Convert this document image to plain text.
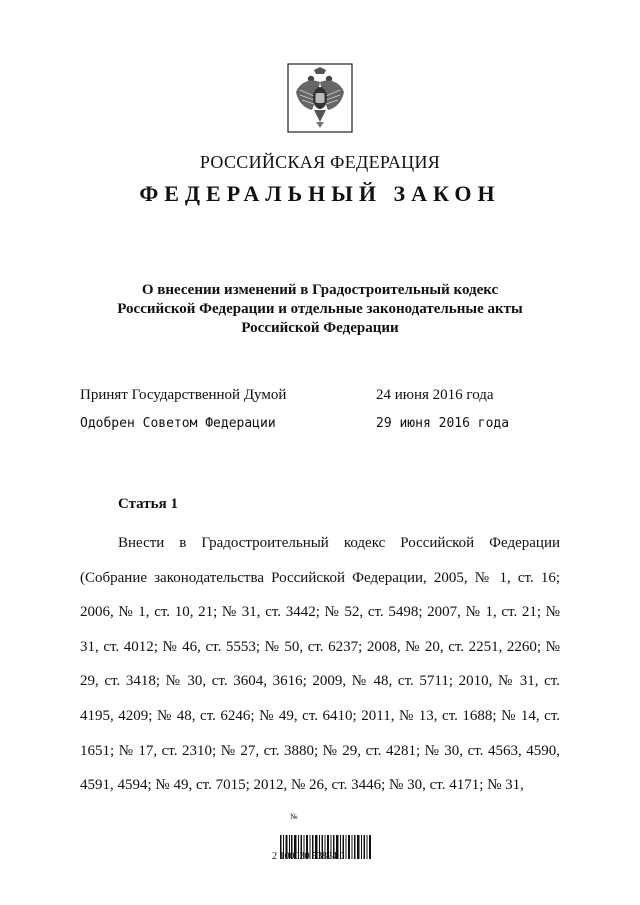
РОССИЙСКАЯ ФЕДЕРАЦИЯ
ФЕДЕРАЛЬНЫЙ ЗАКОН
О внесении изменений в Градостроительный кодекс
Российской Федерации и отдельные законодательные акты
Российской Федерации
Принят Государственной Думой	24 июня 2016 года
Одобрен Советом Федерации	29 июня 2016 года
Статья 1
Внести в Градостроительный кодекс Российской Федерации (Собрание законодательства Российской Федерации, 2005, № 1, ст. 16; 2006, № 1, ст. 10, 21; № 31, ст. 3442; № 52, ст. 5498; 2007, № 1, ст. 21; № 31, ст. 4012; № 46, ст. 5553; № 50, ст. 6237; 2008, № 20, ст. 2251, 2260; № 29, ст. 3418; № 30, ст. 3604, 3616; 2009, № 48, ст. 5711; 2010, № 31, ст. 4195, 4209; № 48, ст. 6246; № 49, ст. 6410; 2011, № 13, ст. 1688; № 14, ст. 1651; № 17, ст. 2310; № 27, ст. 3880; № 29, ст. 4281; № 30, ст. 4563, 4590, 4591, 4594; № 49, ст. 7015; 2012, № 26, ст. 3446; № 30, ст. 4171; № 31,
№
2 100030 53824 0
